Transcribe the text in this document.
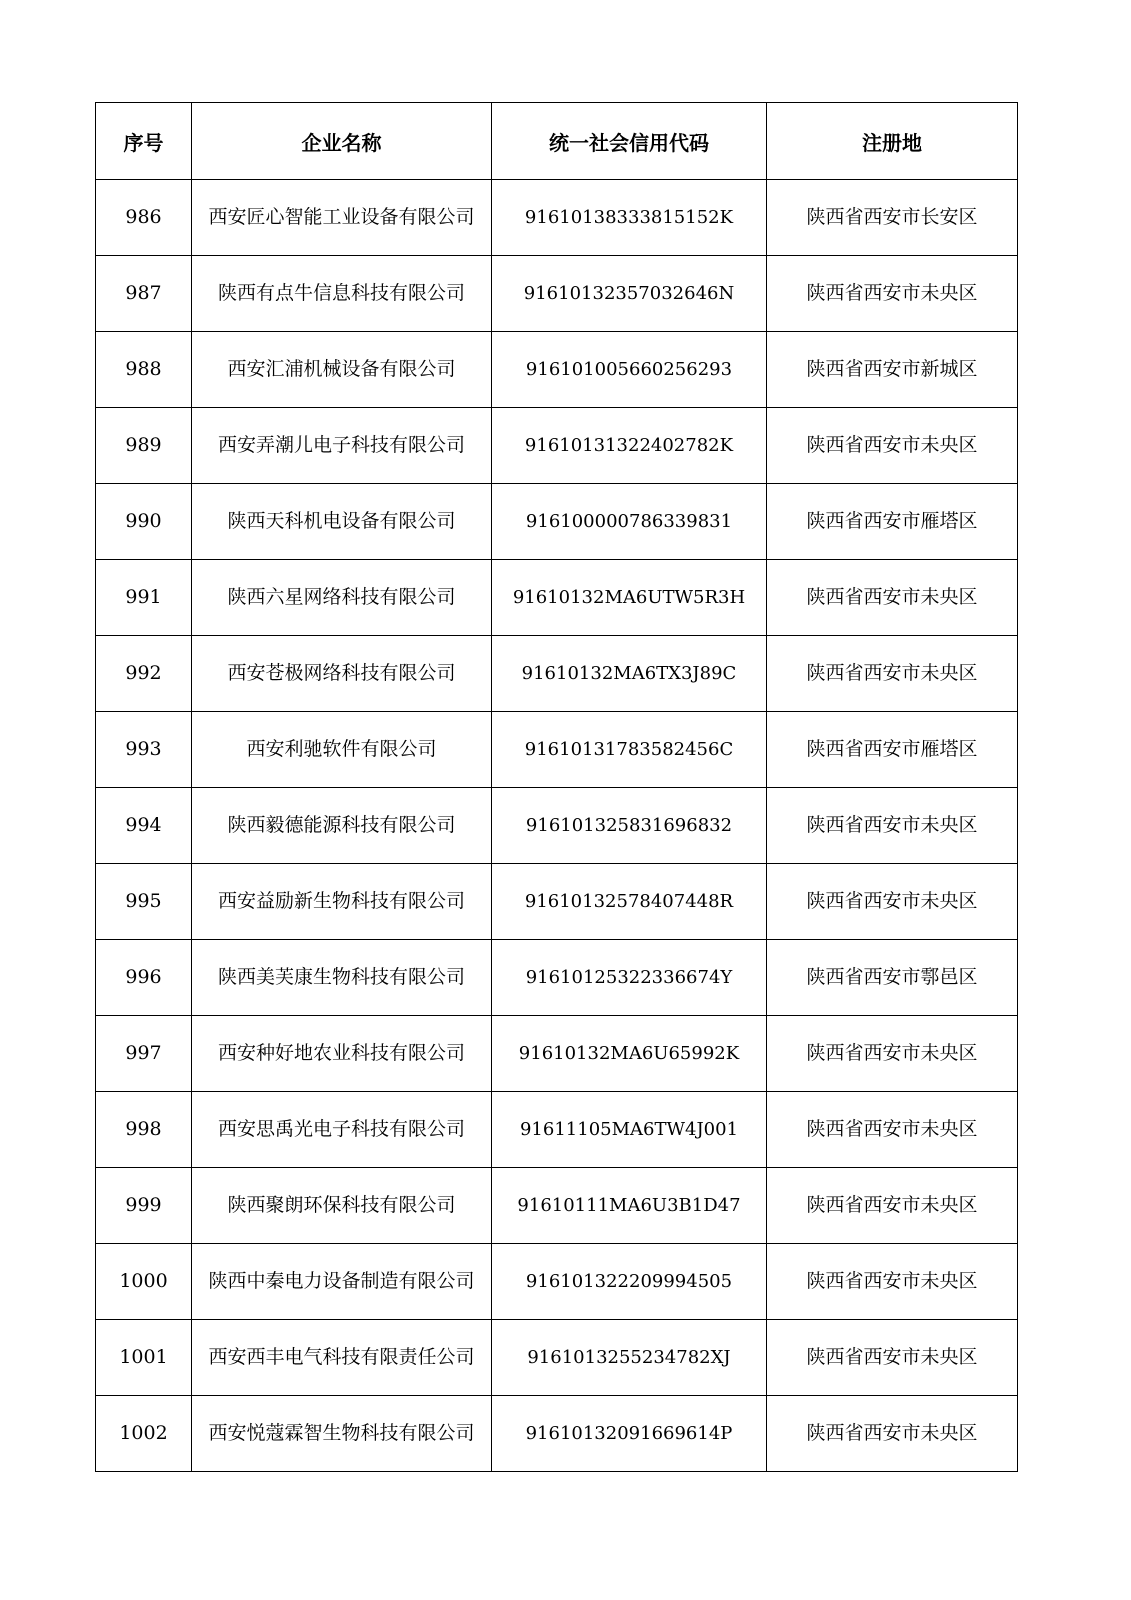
序号	企业名称	统一社会信用代码	注册地
986	西安匠心智能工业设备有限公司	91610138333815152K	陕西省西安市长安区
987	陕西有点牛信息科技有限公司	91610132357032646N	陕西省西安市未央区
988	西安汇浦机械设备有限公司	916101005660256293	陕西省西安市新城区
989	西安弄潮儿电子科技有限公司	91610131322402782K	陕西省西安市未央区
990	陕西天科机电设备有限公司	916100000786339831	陕西省西安市雁塔区
991	陕西六星网络科技有限公司	91610132MA6UTW5R3H	陕西省西安市未央区
992	西安苍极网络科技有限公司	91610132MA6TX3J89C	陕西省西安市未央区
993	西安利驰软件有限公司	91610131783582456C	陕西省西安市雁塔区
994	陕西毅德能源科技有限公司	916101325831696832	陕西省西安市未央区
995	西安益励新生物科技有限公司	91610132578407448R	陕西省西安市未央区
996	陕西美芙康生物科技有限公司	91610125322336674Y	陕西省西安市鄠邑区
997	西安种好地农业科技有限公司	91610132MA6U65992K	陕西省西安市未央区
998	西安思禹光电子科技有限公司	91611105MA6TW4J001	陕西省西安市未央区
999	陕西聚朗环保科技有限公司	91610111MA6U3B1D47	陕西省西安市未央区
1000	陕西中秦电力设备制造有限公司	916101322209994505	陕西省西安市未央区
1001	西安西丰电气科技有限责任公司	9161013255234782XJ	陕西省西安市未央区
1002	西安悦蔻霖智生物科技有限公司	91610132091669614P	陕西省西安市未央区
